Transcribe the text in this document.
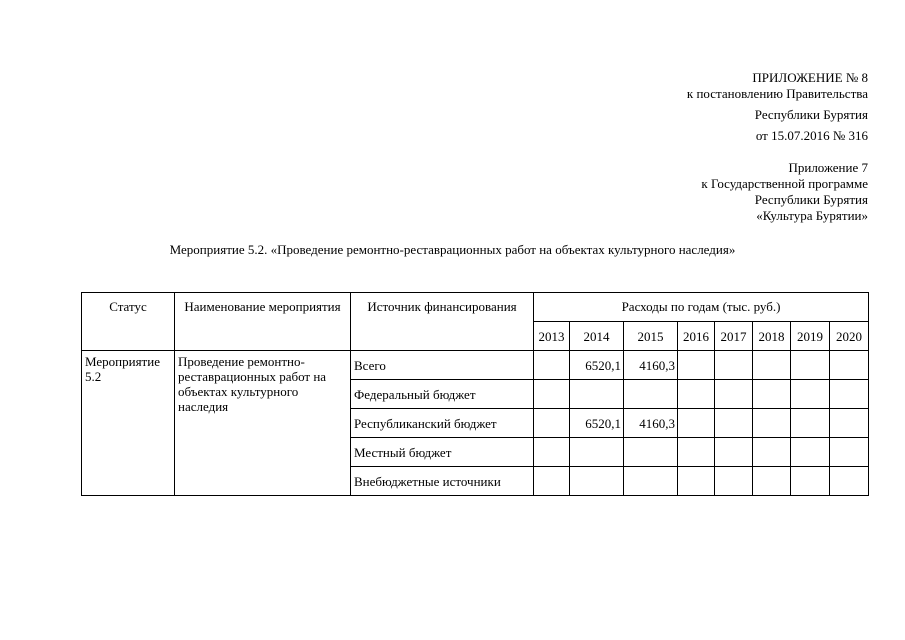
ПРИЛОЖЕНИЕ № 8
к постановлению Правительства
Республики Бурятия
от 15.07.2016 № 316
Приложение 7
к Государственной программе
Республики Бурятия
«Культура Бурятии»
Мероприятие 5.2. «Проведение ремонтно-реставрационных работ на объектах культурного наследия»
Статус	Наименование мероприятия	Источник финансирования	Расходы по годам (тыс. руб.)							
			2013	2014	2015	2016	2017	2018	2019	2020
Мероприятие 5.2	Проведение ремонтно-реставрационных работ на объектах культурного наследия	Всего		6520,1	4160,3					
		Федеральный бюджет								
		Республиканский бюджет		6520,1	4160,3					
		Местный бюджет								
		Внебюджетные источники								
